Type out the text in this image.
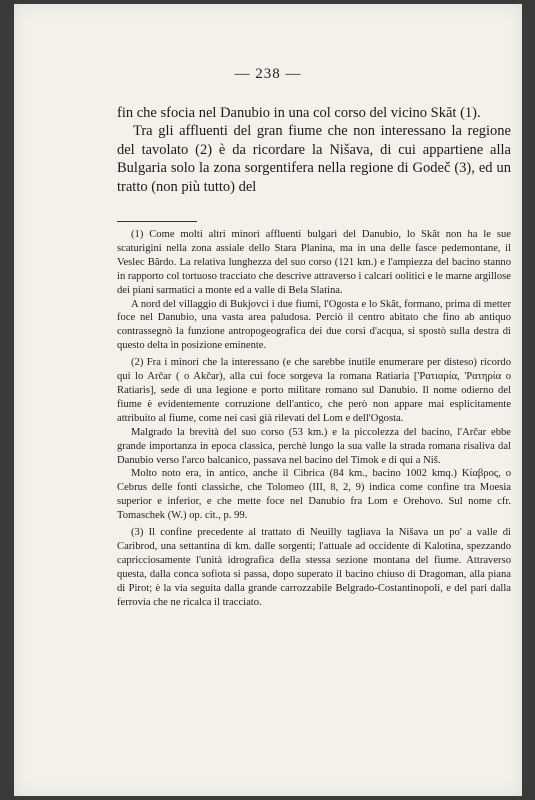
— 238 —

fin che sfocia nel Danubio in una col corso del vicino Skăt (1).

Tra gli affluenti del gran fiume che non interessano la regione del tavolato (2) è da ricordare la Nišava, di cui appartiene alla Bulgaria solo la zona sorgentifera nella regione di Godeč (3), ed un tratto (non più tutto) del

(1) Come molti altri minori affluenti bulgari del Danubio, lo Skăt non ha le sue scaturigini nella zona assiale dello Stara Planina, ma in una delle fasce pedemontane, il Veslec Bărdo. La relativa lunghezza del suo corso (121 km.) e l'ampiezza del bacino stanno in rapporto col tortuoso tracciato che descrive attraverso i calcari oolitici e le marne argillose dei piani sarmatici a monte ed a valle di Bela Slatina.

A nord del villaggio di Bukjovci i due fiumi, l'Ogosta e lo Skăt, formano, prima di metter foce nel Danubio, una vasta area paludosa. Perciò il centro abitato che fino ab antiquo contrassegnò la funzione antropogeografica dei due corsi d'acqua, si spostò sulla destra di questo delta in posizione eminente.

(2) Fra i minori che la interessano (e che sarebbe inutile enumerare per disteso) ricordo qui lo Arčar ( o Akčar), alla cui foce sorgeva la romana Ratiaria ['Ρατιαρία, 'Ρατηρία o Ratiaris], sede di una legione e porto militare romano sul Danubio. Il nome odierno del fiume è evidentemente corruzione dell'antico, che però non appare mai esplicitamente attribuito al fiume, come nei casi già rilevati del Lom e dell'Ogosta.

Malgrado la brevità del suo corso (53 km.) e la piccolezza del bacino, l'Arčar ebbe grande importanza in epoca classica, perchè lungo la sua valle la strada romana risaliva dal Danubio verso l'arco balcanico, passava nel bacino del Timok e di qui a Niš.

Molto noto era, in antico, anche il Cibrica (84 km., bacino 1002 kmq.) Κίαβρος, o Cebrus delle fonti classiche, che Tolomeo (III, 8, 2, 9) indica come confine tra Moesia superior e inferior, e che mette foce nel Danubio fra Lom e Orehovo. Sul nome cfr. Tomaschek (W.) op. cit., p. 99.

(3) Il confine precedente al trattato di Neuilly tagliava la Nišava un po' a valle di Caribrod, una settantina di km. dalle sorgenti; l'attuale ad occidente di Kalotina, spezzando capricciosamente l'unità idrografica della stessa sezione montana del fiume. Attraverso questa, dalla conca sofiota si passa, dopo superato il bacino chiuso di Dragoman, alla piana di Pirot; è la via seguita dalla grande carrozzabile Belgrado-Costantinopoli, e del pari dalla ferrovia che ne ricalca il tracciato.
